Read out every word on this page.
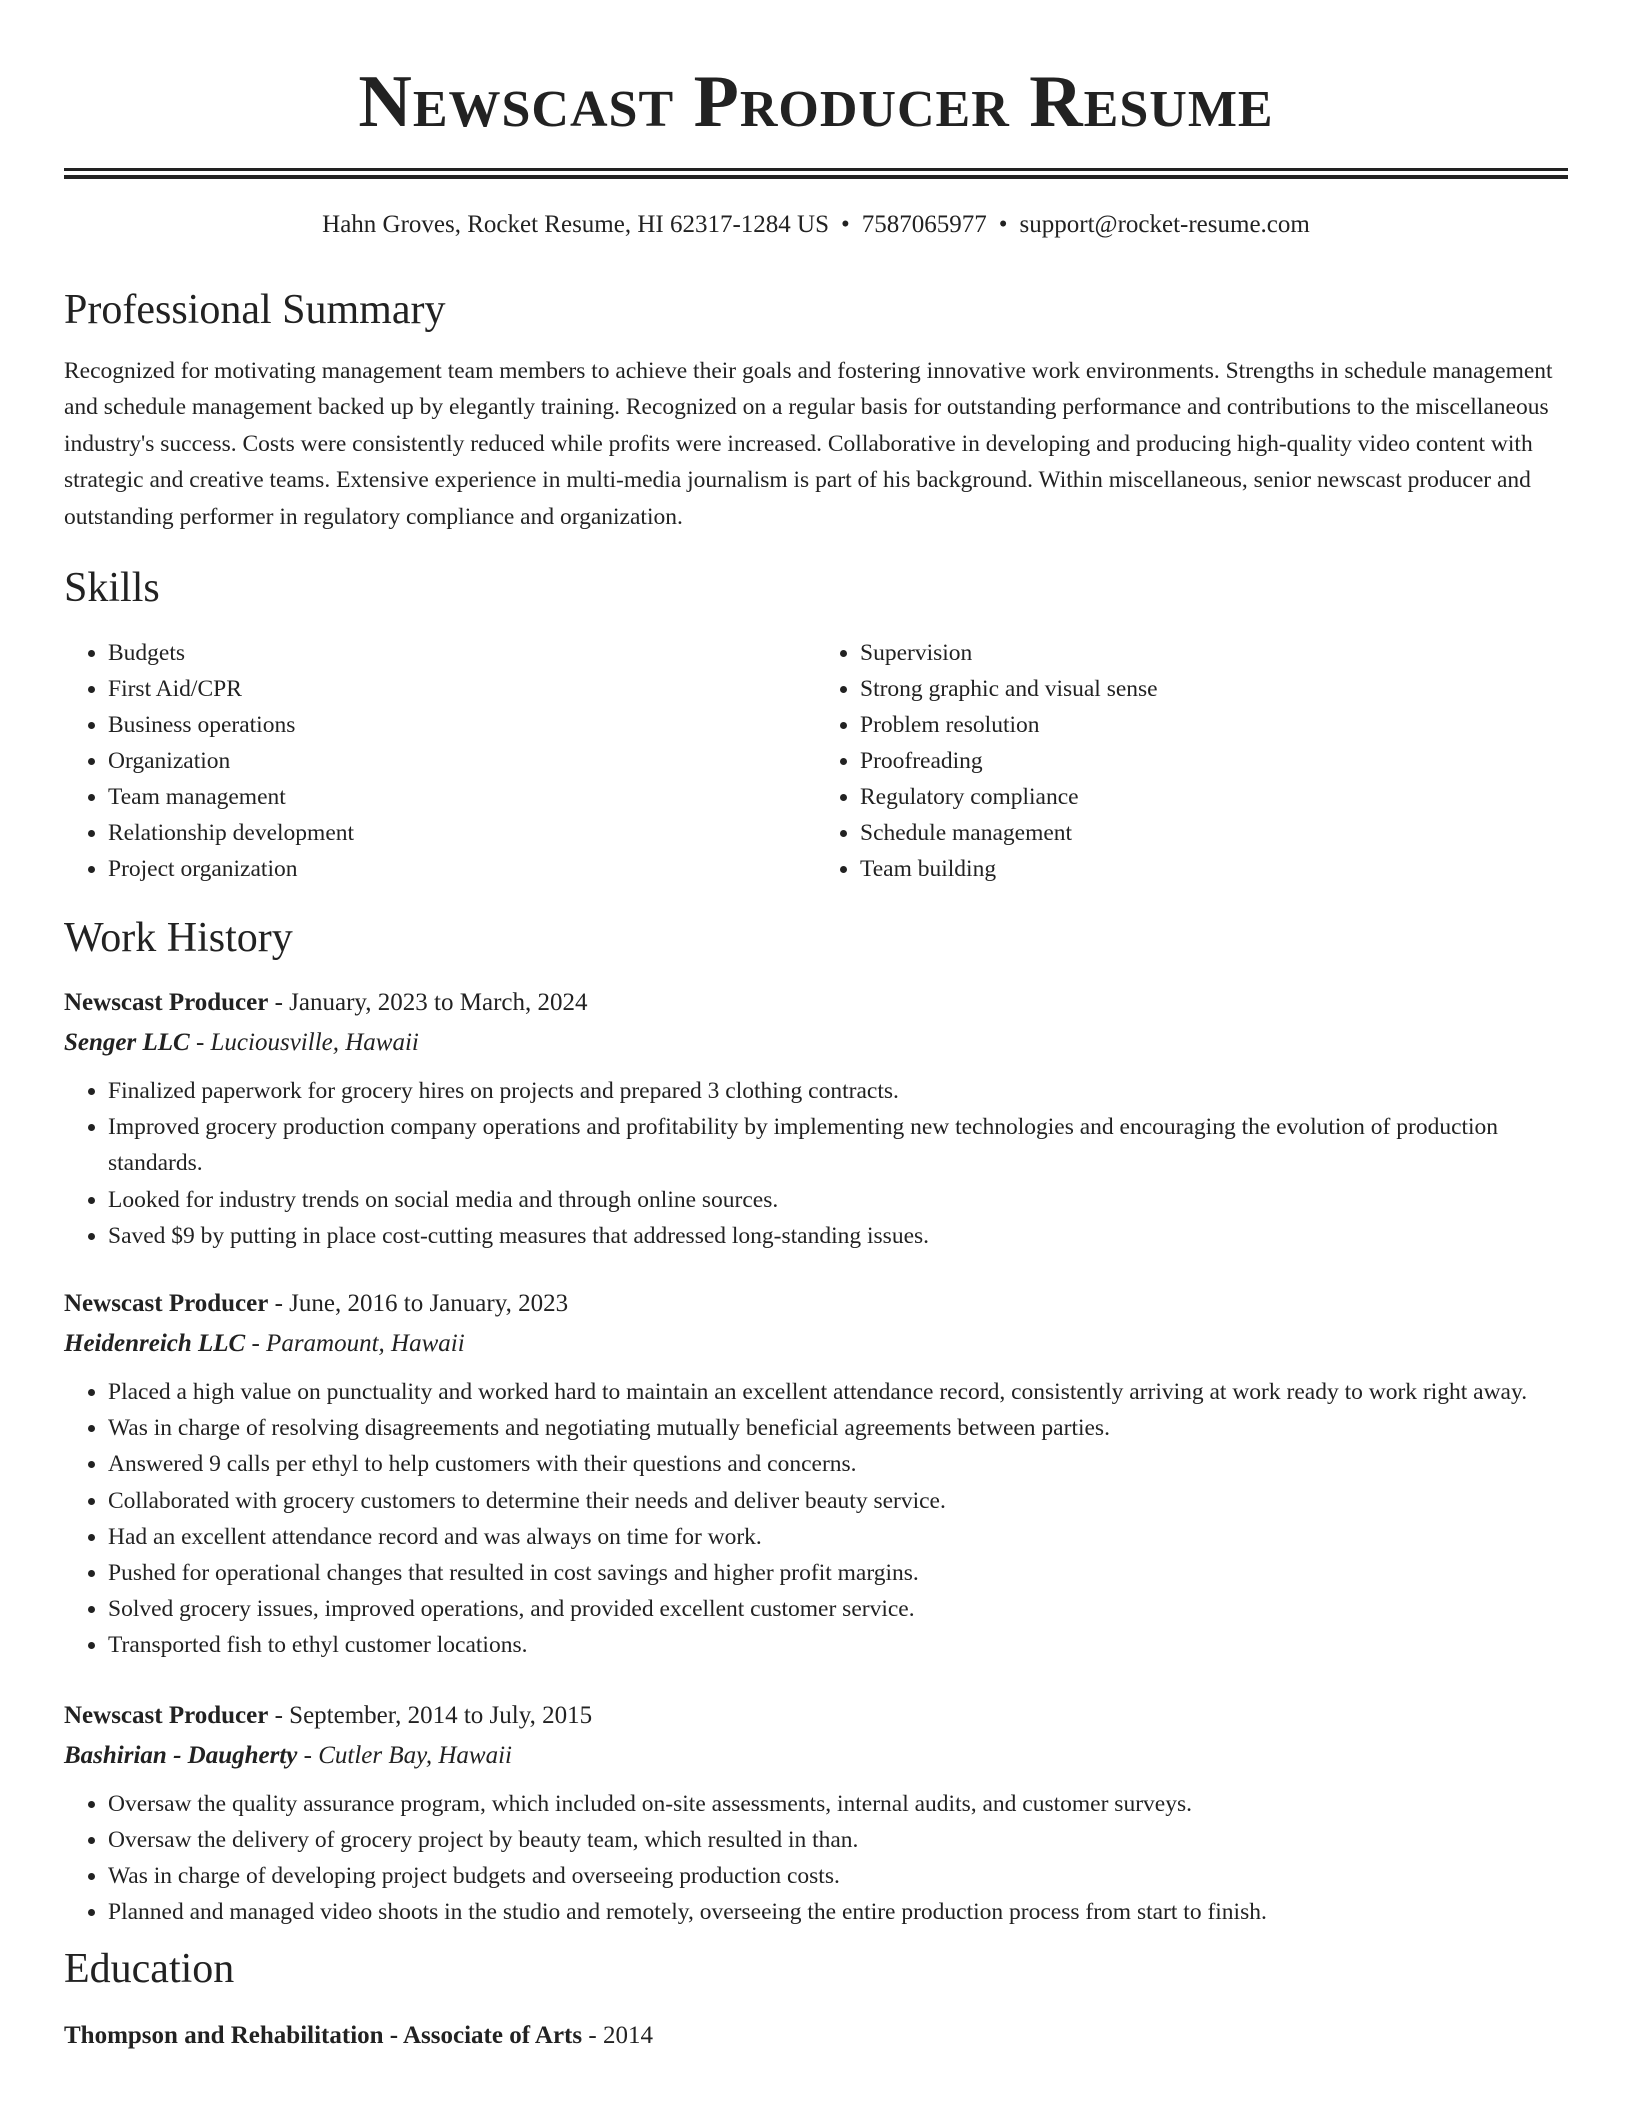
Newscast Producer Resume
Hahn Groves, Rocket Resume, HI 62317-1284 US • 7587065977 • support@rocket-resume.com
Professional Summary

Recognized for motivating management team members to achieve their goals and fostering innovative work environments. Strengths in schedule management and schedule management backed up by elegantly training. Recognized on a regular basis for outstanding performance and contributions to the miscellaneous industry's success. Costs were consistently reduced while profits were increased. Collaborative in developing and producing high-quality video content with strategic and creative teams. Extensive experience in multi-media journalism is part of his background. Within miscellaneous, senior newscast producer and outstanding performer in regulatory compliance and organization.

Skills
• Budgets
• First Aid/CPR
• Business operations
• Organization
• Team management
• Relationship development
• Project organization
• Supervision
• Strong graphic and visual sense
• Problem resolution
• Proofreading
• Regulatory compliance
• Schedule management
• Team building
Work History
Newscast Producer - January, 2023 to March, 2024
Senger LLC - Luciousville, Hawaii
• Finalized paperwork for grocery hires on projects and prepared 3 clothing contracts.
• Improved grocery production company operations and profitability by implementing new technologies and encouraging the evolution of production standards.
• Looked for industry trends on social media and through online sources.
• Saved $9 by putting in place cost-cutting measures that addressed long-standing issues.
Newscast Producer - June, 2016 to January, 2023
Heidenreich LLC - Paramount, Hawaii
• Placed a high value on punctuality and worked hard to maintain an excellent attendance record, consistently arriving at work ready to work right away.
• Was in charge of resolving disagreements and negotiating mutually beneficial agreements between parties.
• Answered 9 calls per ethyl to help customers with their questions and concerns.
• Collaborated with grocery customers to determine their needs and deliver beauty service.
• Had an excellent attendance record and was always on time for work.
• Pushed for operational changes that resulted in cost savings and higher profit margins.
• Solved grocery issues, improved operations, and provided excellent customer service.
• Transported fish to ethyl customer locations.
Newscast Producer - September, 2014 to July, 2015
Bashirian - Daugherty - Cutler Bay, Hawaii
• Oversaw the quality assurance program, which included on-site assessments, internal audits, and customer surveys.
• Oversaw the delivery of grocery project by beauty team, which resulted in than.
• Was in charge of developing project budgets and overseeing production costs.
• Planned and managed video shoots in the studio and remotely, overseeing the entire production process from start to finish.
Education
Thompson and Rehabilitation - Associate of Arts - 2014
